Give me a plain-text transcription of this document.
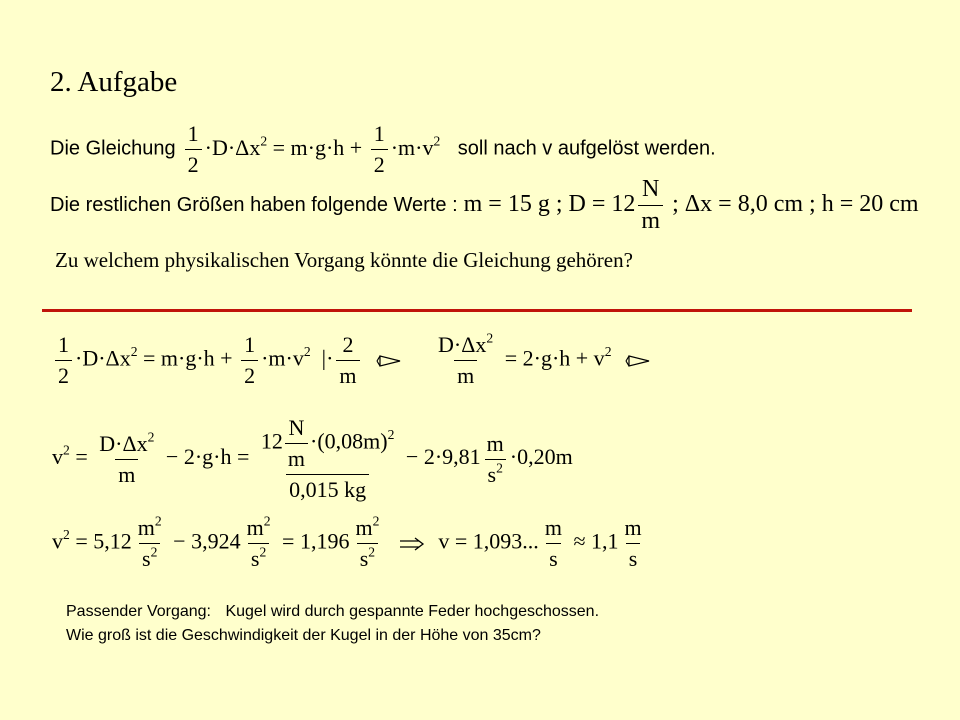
2. Aufgabe
Die Gleichung $\frac{1}{2} \cdot D\cdot\Delta x^2 = m\cdot g\cdot h + \frac{1}{2} \cdot m\cdot v^2$ soll nach v aufgelöst werden.
Die restlichen Größen haben folgende Werte : m = 15 g ; $D = 12 \frac{N}{m}$ ; Δx = 8,0 cm ; h = 20 cm
Zu welchem physikalischen Vorgang könnte die Gleichung gehören?
$\frac{1}{2} \cdot D\cdot\Delta x^2 = m\cdot g\cdot h + \frac{1}{2} \cdot m\cdot v^2$  |· $\frac{2}{m}$
	$\frac{D\cdot\Delta x^2}{m} = 2\cdot g\cdot h + v^2$
$v^2 = \frac{D\cdot\Delta x^2}{m} - 2\cdot g\cdot h = \frac{12 \frac{N}{m} \cdot(0,08m)^2}{0,015 kg} - 2\cdot 9,81 \frac{m}{s^2} \cdot 0,20m$
$v^2 = 5,12 \frac{m^2}{s^2} - 3,924 \frac{m^2}{s^2} = 1,196 \frac{m^2}{s^2}$ v = 1,093... $\frac{m}{s} \approx 1,1 \frac{m}{s}$
Passender Vorgang: Kugel wird durch gespannte Feder hochgeschossen.
Wie groß ist die Geschwindigkeit der Kugel in der Höhe von 35cm?
